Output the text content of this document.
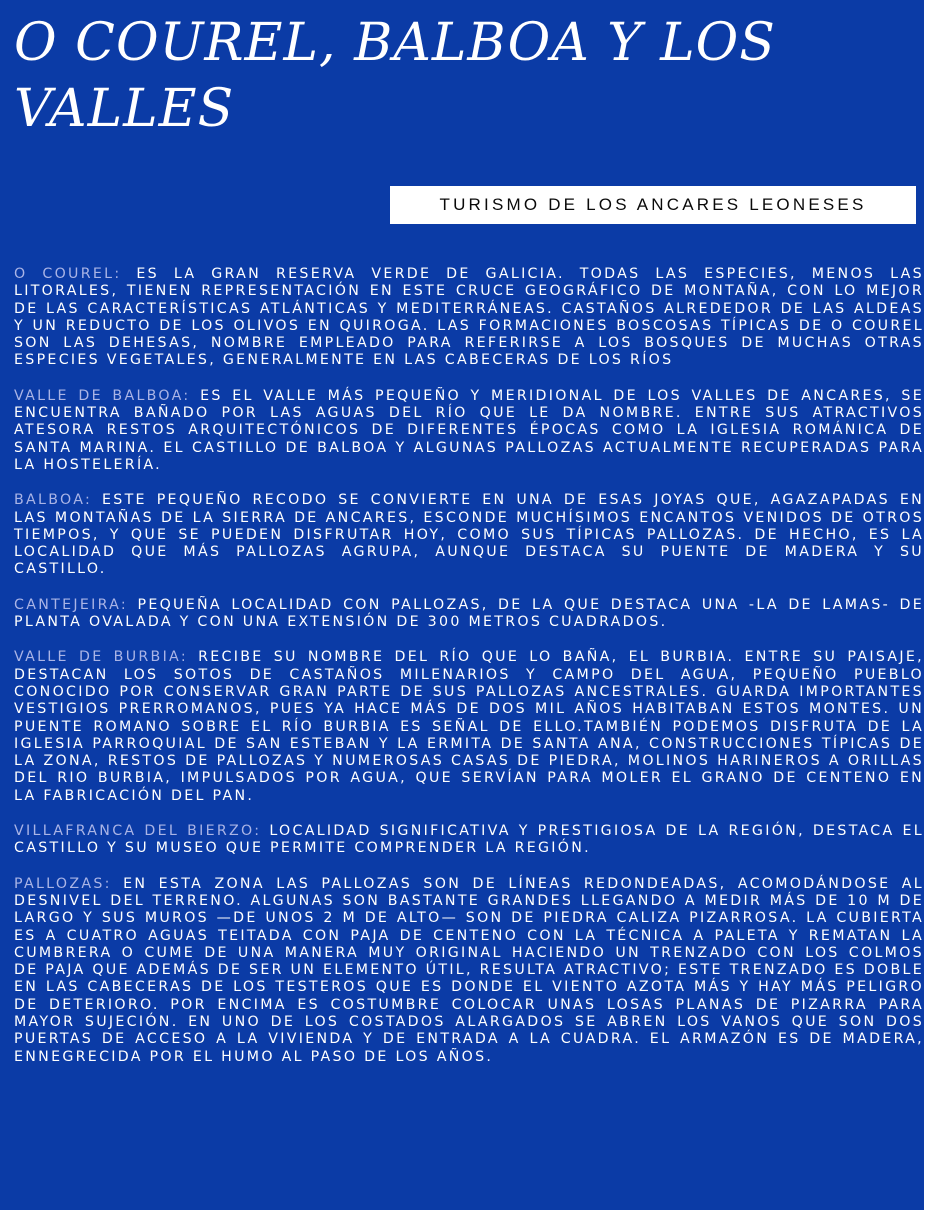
O COUREL, BALBOA Y LOS VALLES
TURISMO DE LOS ANCARES LEONESES

O COUREL: ES LA GRAN RESERVA VERDE DE GALICIA. TODAS LAS ESPECIES, MENOS LAS LITORALES, TIENEN REPRESENTACIÓN EN ESTE CRUCE GEOGRÁFICO DE MONTAÑA, CON LO MEJOR DE LAS CARACTERÍSTICAS ATLÁNTICAS Y MEDITERRÁNEAS. CASTAÑOS ALREDEDOR DE LAS ALDEAS Y UN REDUCTO DE LOS OLIVOS EN QUIROGA. LAS FORMACIONES BOSCOSAS TÍPICAS DE O COUREL SON LAS DEHESAS, NOMBRE EMPLEADO PARA REFERIRSE A LOS BOSQUES DE MUCHAS OTRAS ESPECIES VEGETALES, GENERALMENTE EN LAS CABECERAS DE LOS RÍOS

VALLE DE BALBOA: ES EL VALLE MÁS PEQUEÑO Y MERIDIONAL DE LOS VALLES DE ANCARES, SE ENCUENTRA BAÑADO POR LAS AGUAS DEL RÍO QUE LE DA NOMBRE. ENTRE SUS ATRACTIVOS ATESORA RESTOS ARQUITECTÓNICOS DE DIFERENTES ÉPOCAS COMO LA IGLESIA ROMÁNICA DE SANTA MARINA. EL CASTILLO DE BALBOA Y ALGUNAS PALLOZAS ACTUALMENTE RECUPERADAS PARA LA HOSTELERÍA.

BALBOA: ESTE PEQUEÑO RECODO SE CONVIERTE EN UNA DE ESAS JOYAS QUE, AGAZAPADAS EN LAS MONTAÑAS DE LA SIERRA DE ANCARES, ESCONDE MUCHÍSIMOS ENCANTOS VENIDOS DE OTROS TIEMPOS, Y QUE SE PUEDEN DISFRUTAR HOY, COMO SUS TÍPICAS PALLOZAS. DE HECHO, ES LA LOCALIDAD QUE MÁS PALLOZAS AGRUPA, AUNQUE DESTACA SU PUENTE DE MADERA Y SU CASTILLO.

CANTEJEIRA: PEQUEÑA LOCALIDAD CON PALLOZAS, DE LA QUE DESTACA UNA -LA DE LAMAS- DE PLANTA OVALADA Y CON UNA EXTENSIÓN DE 300 METROS CUADRADOS.

VALLE DE BURBIA: RECIBE SU NOMBRE DEL RÍO QUE LO BAÑA, EL BURBIA. ENTRE SU PAISAJE, DESTACAN LOS SOTOS DE CASTAÑOS MILENARIOS Y CAMPO DEL AGUA, PEQUEÑO PUEBLO CONOCIDO POR CONSERVAR GRAN PARTE DE SUS PALLOZAS ANCESTRALES. GUARDA IMPORTANTES VESTIGIOS PRERROMANOS, PUES YA HACE MÁS DE DOS MIL AÑOS HABITABAN ESTOS MONTES. UN PUENTE ROMANO SOBRE EL RÍO BURBIA ES SEÑAL DE ELLO.TAMBIÉN PODEMOS DISFRUTA DE LA IGLESIA PARROQUIAL DE SAN ESTEBAN Y LA ERMITA DE SANTA ANA, CONSTRUCCIONES TÍPICAS DE LA ZONA, RESTOS DE PALLOZAS Y NUMEROSAS CASAS DE PIEDRA, MOLINOS HARINEROS A ORILLAS DEL RIO BURBIA, IMPULSADOS POR AGUA, QUE SERVÍAN PARA MOLER EL GRANO DE CENTENO EN LA FABRICACIÓN DEL PAN.

VILLAFRANCA DEL BIERZO: LOCALIDAD SIGNIFICATIVA Y PRESTIGIOSA DE LA REGIÓN, DESTACA EL CASTILLO Y SU MUSEO QUE PERMITE COMPRENDER LA REGIÓN.

PALLOZAS: EN ESTA ZONA LAS PALLOZAS SON DE LÍNEAS REDONDEADAS, ACOMODÁNDOSE AL DESNIVEL DEL TERRENO. ALGUNAS SON BASTANTE GRANDES LLEGANDO A MEDIR MÁS DE 10 M DE LARGO Y SUS MUROS —DE UNOS 2 M DE ALTO— SON DE PIEDRA CALIZA PIZARROSA. LA CUBIERTA ES A CUATRO AGUAS TEITADA CON PAJA DE CENTENO CON LA TÉCNICA A PALETA Y REMATAN LA CUMBRERA O CUME DE UNA MANERA MUY ORIGINAL HACIENDO UN TRENZADO CON LOS COLMOS DE PAJA QUE ADEMÁS DE SER UN ELEMENTO ÚTIL, RESULTA ATRACTIVO; ESTE TRENZADO ES DOBLE EN LAS CABECERAS DE LOS TESTEROS QUE ES DONDE EL VIENTO AZOTA MÁS Y HAY MÁS PELIGRO DE DETERIORO. POR ENCIMA ES COSTUMBRE COLOCAR UNAS LOSAS PLANAS DE PIZARRA PARA MAYOR SUJECIÓN. EN UNO DE LOS COSTADOS ALARGADOS SE ABREN LOS VANOS QUE SON DOS PUERTAS DE ACCESO A LA VIVIENDA Y DE ENTRADA A LA CUADRA. EL ARMAZÓN ES DE MADERA, ENNEGRECIDA POR EL HUMO AL PASO DE LOS AÑOS.
